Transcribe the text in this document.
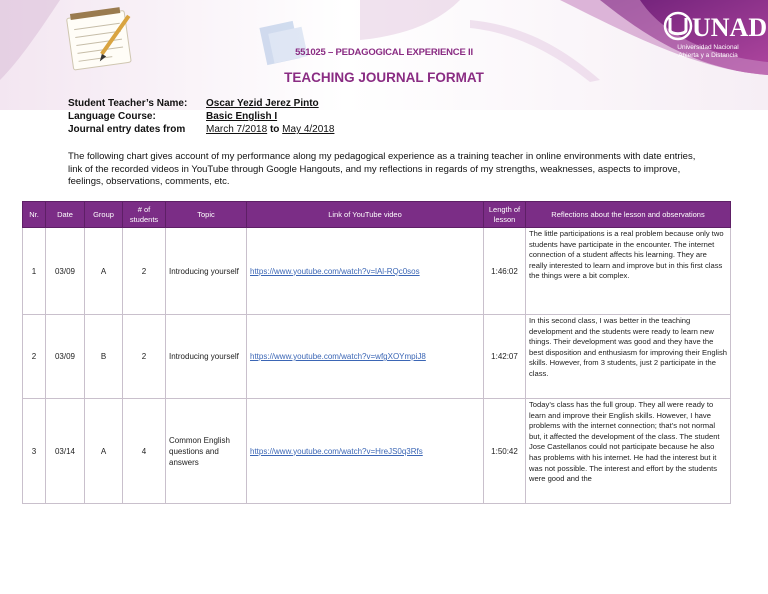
UNAD
Universidad Nacional
Abierta y a Distancia
551025 – PEDAGOGICAL EXPERIENCE II
TEACHING JOURNAL FORMAT
Student Teacher’s Name:	Oscar Yezid Jerez Pinto
Language Course:	Basic English I
Journal entry dates from	March 7/2018 to May 4/2018
The following chart gives account of my performance along my pedagogical experience as a training teacher in online environments with date entries, link of the recorded videos in YouTube through Google Hangouts, and my reflections in regards of my strengths, weaknesses, aspects to improve, feelings, observations, comments, etc.
Nr.	Date	Group	# of students	Topic	Link of YouTube video	Length of lesson	Reflections about the lesson and observations
1	03/09	A	2	Introducing yourself	https://www.youtube.com/watch?v=lAl-RQc0sos	1:46:02	The little participations is a real problem because only two students have participate in the encounter. The internet connection of a student affects his learning. They are really interested to learn and improve but in this first class the things were a bit complex.
2	03/09	B	2	Introducing yourself	https://www.youtube.com/watch?v=wfgXOYmpiJ8	1:42:07	In this second class, I was better in the teaching development and the students were ready to learn new things. Their development was good and they have the best disposition and enthusiasm for improving their English skills. However, from 3 students, just 2 participate in the class.
3	03/14	A	4	Common English questions and answers	https://www.youtube.com/watch?v=HreJS0q3Rfs	1:50:42	Today’s class has the full group. They all were ready to learn and improve their English skills. However, I have problems with the internet connection; that’s not normal but, it affected the development of the class. The student Jose Castellanos could not participate because he also has problems with his internet. He had the interest but it was not possible. The interest and effort by the students were good and the
